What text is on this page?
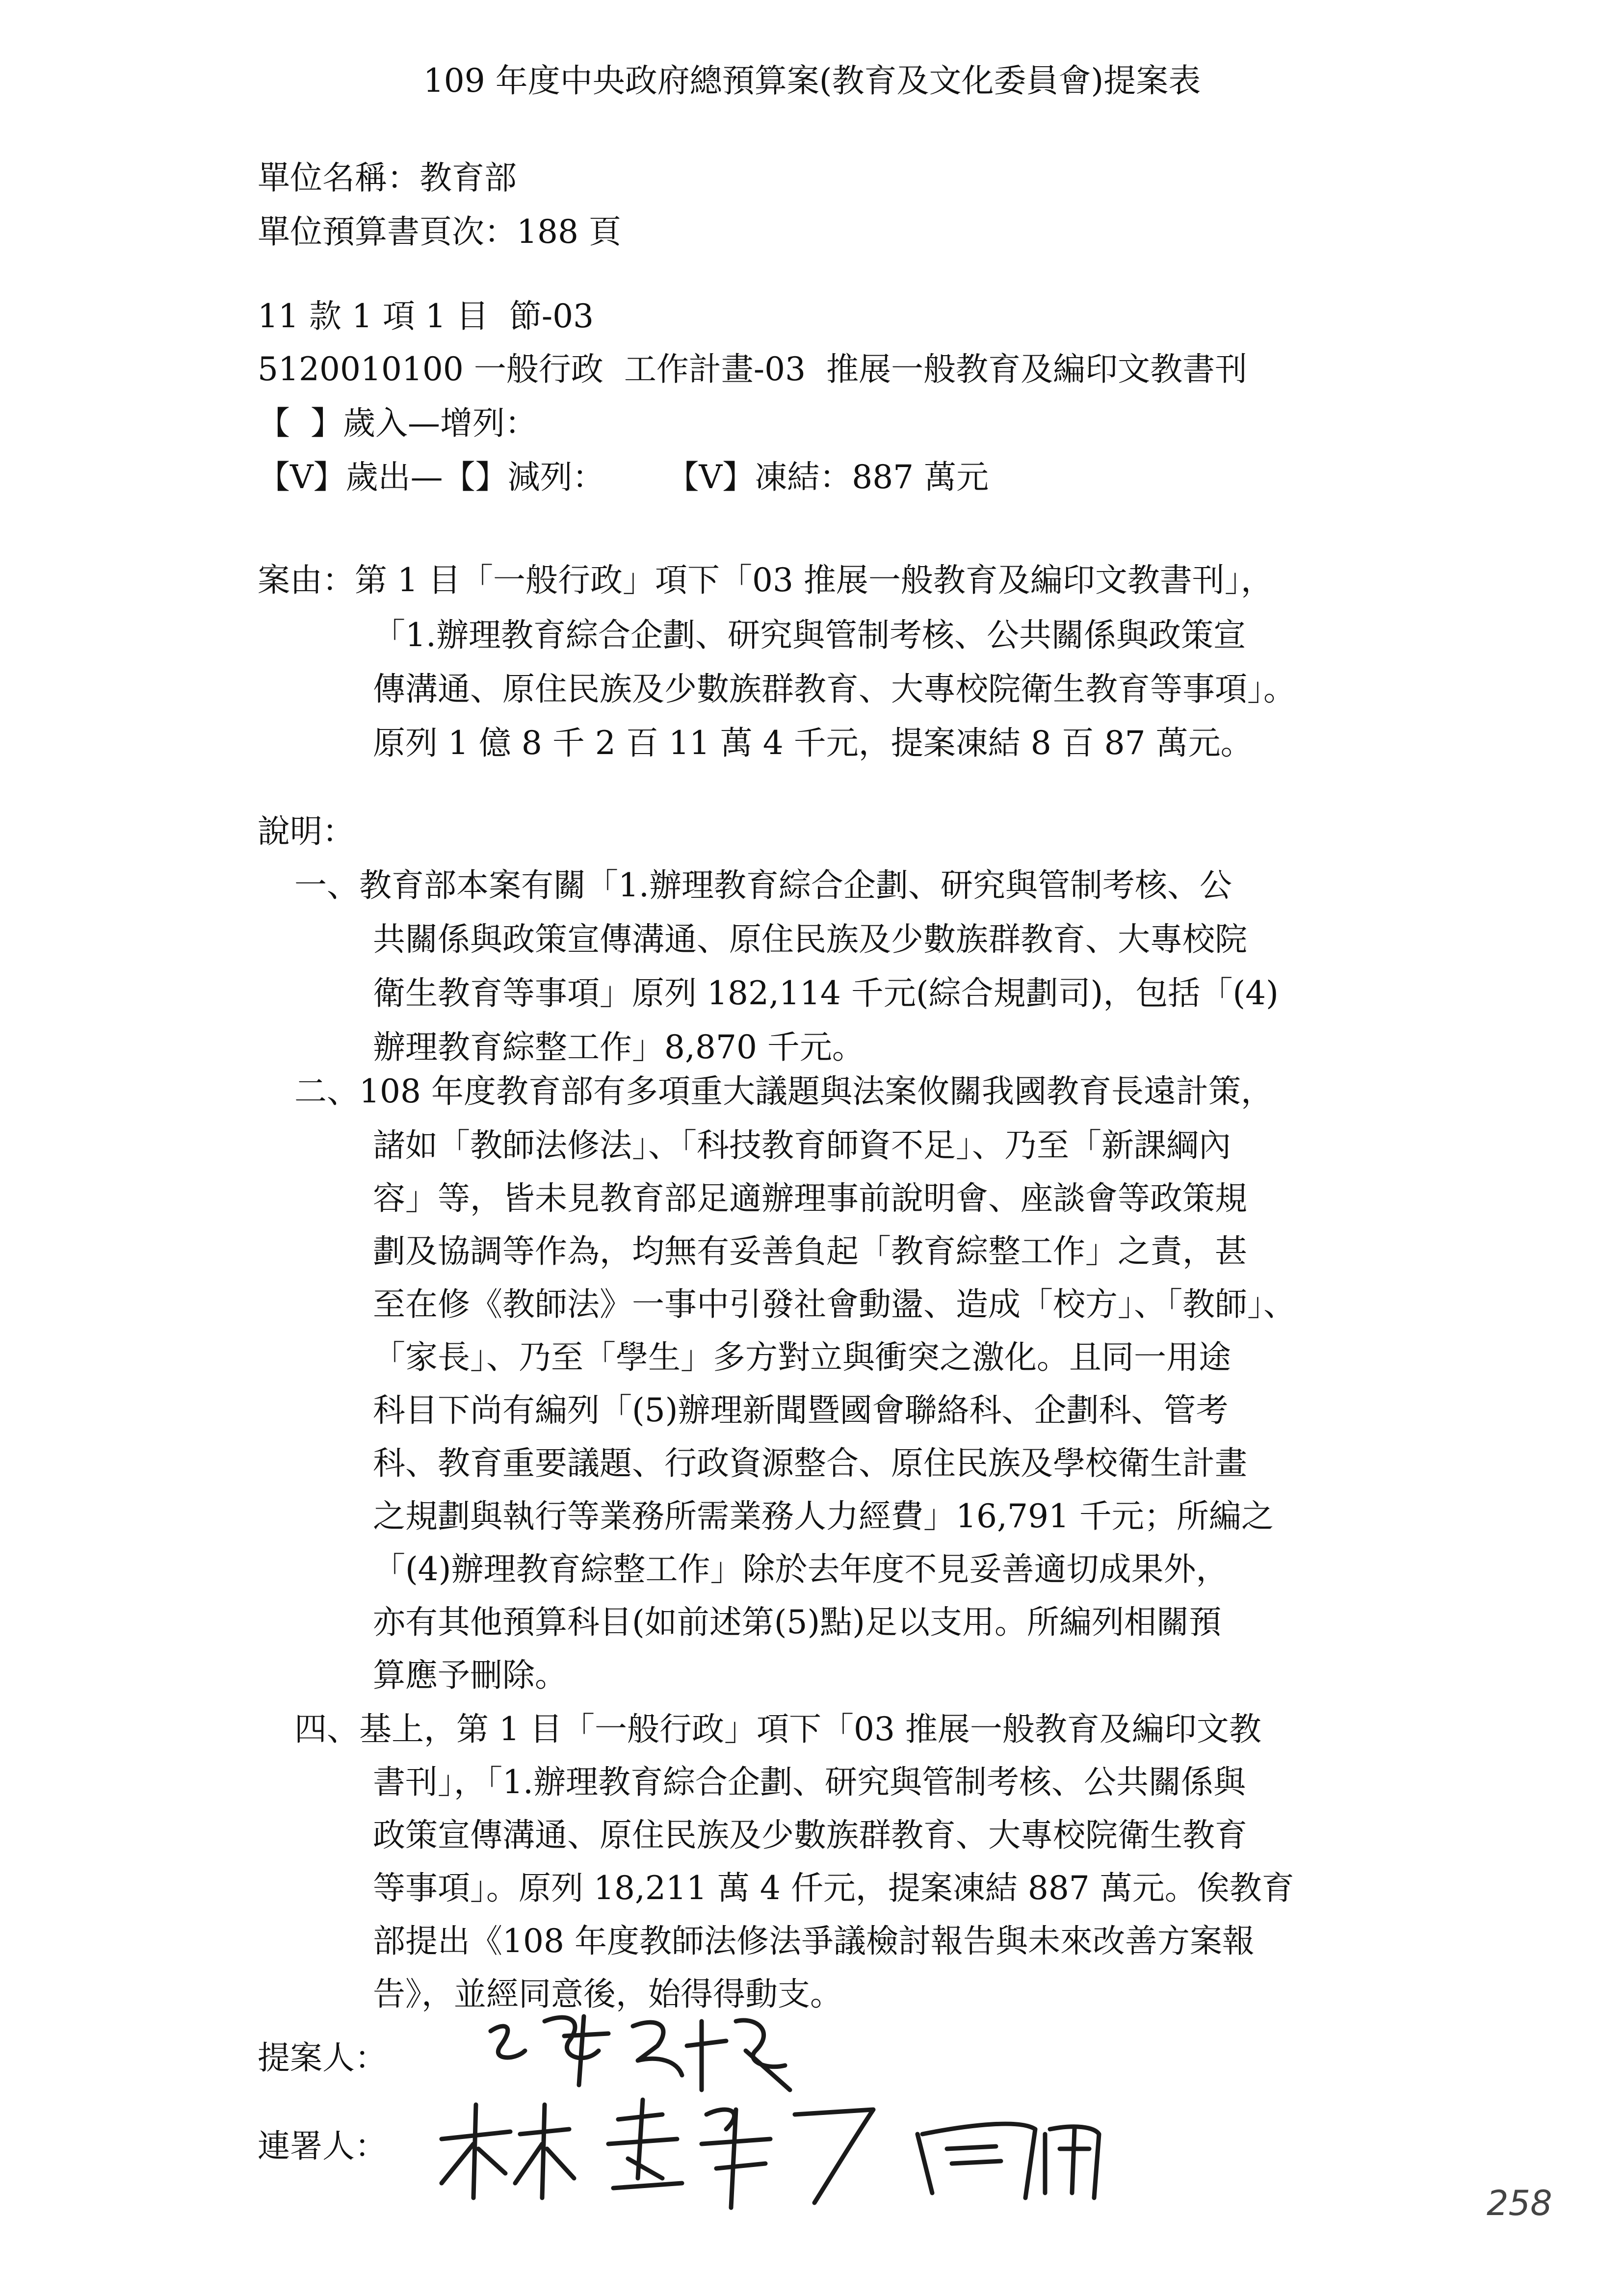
109 年度中央政府總預算案(教育及文化委員會)提案表
單位名稱：教育部
單位預算書頁次：188 頁
11 款 1 項 1 目  節-03
5120010100 一般行政  工作計畫-03  推展一般教育及編印文教書刊
【  】歲入—增列：
【V】歲出—【】減列：      【V】凍結：887 萬元
案由：第 1 目「一般行政」項下「03 推展一般教育及編印文教書刊」，
「1.辦理教育綜合企劃、研究與管制考核、公共關係與政策宣
傳溝通、原住民族及少數族群教育、大專校院衛生教育等事項」。
原列 1 億 8 千 2 百 11 萬 4 千元，提案凍結 8 百 87 萬元。
說明：
一、教育部本案有關「1.辦理教育綜合企劃、研究與管制考核、公
共關係與政策宣傳溝通、原住民族及少數族群教育、大專校院
衛生教育等事項」原列 182,114 千元(綜合規劃司)，包括「(4)
辦理教育綜整工作」8,870 千元。
二、108 年度教育部有多項重大議題與法案攸關我國教育長遠計策，
諸如「教師法修法」、「科技教育師資不足」、乃至「新課綱內
容」等，皆未見教育部足適辦理事前說明會、座談會等政策規
劃及協調等作為，均無有妥善負起「教育綜整工作」之責，甚
至在修《教師法》一事中引發社會動盪、造成「校方」、「教師」、
「家長」、乃至「學生」多方對立與衝突之激化。且同一用途
科目下尚有編列「(5)辦理新聞暨國會聯絡科、企劃科、管考
科、教育重要議題、行政資源整合、原住民族及學校衛生計畫
之規劃與執行等業務所需業務人力經費」16,791 千元；所編之
「(4)辦理教育綜整工作」除於去年度不見妥善適切成果外，
亦有其他預算科目(如前述第(5)點)足以支用。所編列相關預
算應予刪除。
四、基上，第 1 目「一般行政」項下「03 推展一般教育及編印文教
書刊」，「1.辦理教育綜合企劃、研究與管制考核、公共關係與
政策宣傳溝通、原住民族及少數族群教育、大專校院衛生教育
等事項」。原列 18,211 萬 4 仟元，提案凍結 887 萬元。俟教育
部提出《108 年度教師法修法爭議檢討報告與未來改善方案報
告》，並經同意後，始得得動支。
提案人：
連署人：
258
